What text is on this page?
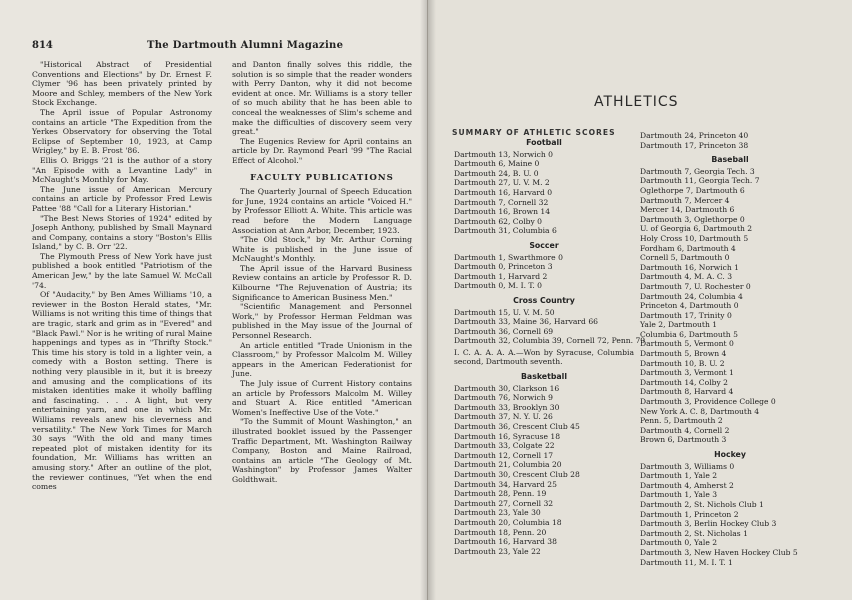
814	The Dartmouth Alumni Magazine

"Historical Abstract of Presidential Conventions and Elections" by Dr. Ernest F. Clymer '96 has been privately printed by Moore and Schley, members of the New York Stock Exchange.

The April issue of Popular Astronomy contains an article "The Expedition from the Yerkes Observatory for observing the Total Eclipse of September 10, 1923, at Camp Wrigley," by E. B. Frost '86.

Ellis O. Briggs '21 is the author of a story "An Episode with a Levantine Lady" in McNaught's Monthly for May.

The June issue of American Mercury contains an article by Professor Fred Lewis Pattee '88 "Call for a Literary Historian."

"The Best News Stories of 1924" edited by Joseph Anthony, published by Small Maynard and Company, contains a story "Boston's Ellis Island," by C. B. Orr '22.

The Plymouth Press of New York have just published a book entitled "Patriotism of the American Jew," by the late Samuel W. McCall '74.

Of "Audacity," by Ben Ames Williams '10, a reviewer in the Boston Herald states, "Mr. Williams is not writing this time of things that are tragic, stark and grim as in "Evered" and "Black Pawl." Nor is he writing of rural Maine happenings and types as in "Thrifty Stock." This time his story is told in a lighter vein, a comedy with a Boston setting. There is nothing very plausible in it, but it is breezy and amusing and the complications of its mistaken identities make it wholly baffling and fascinating. . . . A light, but very entertaining yarn, and one in which Mr. Williams reveals anew his cleverness and versatility." The New York Times for March 30 says "With the old and many times repeated plot of mistaken identity for its foundation, Mr. Williams has written an amusing story." After an outline of the plot, the reviewer continues, "Yet when the end comes

and Danton finally solves this riddle, the solution is so simple that the reader wonders with Perry Danton, why it did not become evident at once. Mr. Williams is a story teller of so much ability that he has been able to conceal the weaknesses of Slim's scheme and make the difficulties of discovery seem very great."

The Eugenics Review for April contains an article by Dr. Raymond Pearl '99 "The Racial Effect of Alcohol."

FACULTY PUBLICATIONS

The Quarterly Journal of Speech Education for June, 1924 contains an article "Voiced H." by Professor Elliott A. White. This article was read before the Modern Language Association at Ann Arbor, December, 1923.

"The Old Stock," by Mr. Arthur Corning White is published in the June issue of McNaught's Monthly.

The April issue of the Harvard Business Review contains an article by Professor R. D. Kilbourne "The Rejuvenation of Austria; its Significance to American Business Men."

"Scientific Management and Personnel Work," by Professor Herman Feldman was published in the May issue of the Journal of Personnel Research.

An article entitled "Trade Unionism in the Classroom," by Professor Malcolm M. Willey appears in the American Federationist for June.

The July issue of Current History contains an article by Professors Malcolm M. Willey and Stuart A. Rice entitled "American Women's Ineffective Use of the Vote."

"To the Summit of Mount Washington," an illustrated booklet issued by the Passenger Traffic Department, Mt. Washington Railway Company, Boston and Maine Railroad, contains an article "The Geology of Mt. Washington" by Professor James Walter Goldthwait.

ATHLETICS
SUMMARY OF ATHLETIC SCORES
Football
Dartmouth 13, Norwich 0
Dartmouth 6, Maine 0
Dartmouth 24, B. U. 0
Dartmouth 27, U. V. M. 2
Dartmouth 16, Harvard 0
Dartmouth 7, Cornell 32
Dartmouth 16, Brown 14
Dartmouth 62, Colby 0
Dartmouth 31, Columbia 6
Soccer
Dartmouth 1, Swarthmore 0
Dartmouth 0, Princeton 3
Dartmouth 1, Harvard 2
Dartmouth 0, M. I. T. 0
Cross Country
Dartmouth 15, U. V. M. 50
Dartmouth 33, Maine 36, Harvard 66
Dartmouth 36, Cornell 69
Dartmouth 32, Columbia 39, Cornell 72, Penn. 79
I. C. A. A. A. A.—Won by Syracuse, Columbia second, Dartmouth seventh.
Basketball
Dartmouth 30, Clarkson 16
Dartmouth 76, Norwich 9
Dartmouth 33, Brooklyn 30
Dartmouth 37, N. Y. U. 26
Dartmouth 36, Crescent Club 45
Dartmouth 16, Syracuse 18
Dartmouth 33, Colgate 22
Dartmouth 12, Cornell 17
Dartmouth 21, Columbia 20
Dartmouth 30, Crescent Club 28
Dartmouth 34, Harvard 25
Dartmouth 28, Penn. 19
Dartmouth 27, Cornell 32
Dartmouth 23, Yale 30
Dartmouth 20, Columbia 18
Dartmouth 18, Penn. 20
Dartmouth 16, Harvard 38
Dartmouth 23, Yale 22
Dartmouth 24, Princeton 40
Dartmouth 17, Princeton 38
Baseball
Dartmouth 7, Georgia Tech. 3
Dartmouth 11, Georgia Tech. 7
Oglethorpe 7, Dartmouth 6
Dartmouth 7, Mercer 4
Mercer 14, Dartmouth 6
Dartmouth 3, Oglethorpe 0
U. of Georgia 6, Dartmouth 2
Holy Cross 10, Dartmouth 5
Fordham 6, Dartmouth 4
Cornell 5, Dartmouth 0
Dartmouth 16, Norwich 1
Dartmouth 4, M. A. C. 3
Dartmouth 7, U. Rochester 0
Dartmouth 24, Columbia 4
Princeton 4, Dartmouth 0
Dartmouth 17, Trinity 0
Yale 2, Dartmouth 1
Columbia 6, Dartmouth 5
Dartmouth 5, Vermont 0
Dartmouth 5, Brown 4
Dartmouth 10, B. U. 2
Dartmouth 3, Vermont 1
Dartmouth 14, Colby 2
Dartmouth 8, Harvard 4
Dartmouth 3, Providence College 0
New York A. C. 8, Dartmouth 4
Penn. 5, Dartmouth 2
Dartmouth 4, Cornell 2
Brown 6, Dartmouth 3
Hockey
Dartmouth 3, Williams 0
Dartmouth 1, Yale 2
Dartmouth 4, Amherst 2
Dartmouth 1, Yale 3
Dartmouth 2, St. Nichols Club 1
Dartmouth 1, Princeton 2
Dartmouth 3, Berlin Hockey Club 3
Dartmouth 2, St. Nicholas 1
Dartmouth 0, Yale 2
Dartmouth 3, New Haven Hockey Club 5
Dartmouth 11, M. I. T. 1
